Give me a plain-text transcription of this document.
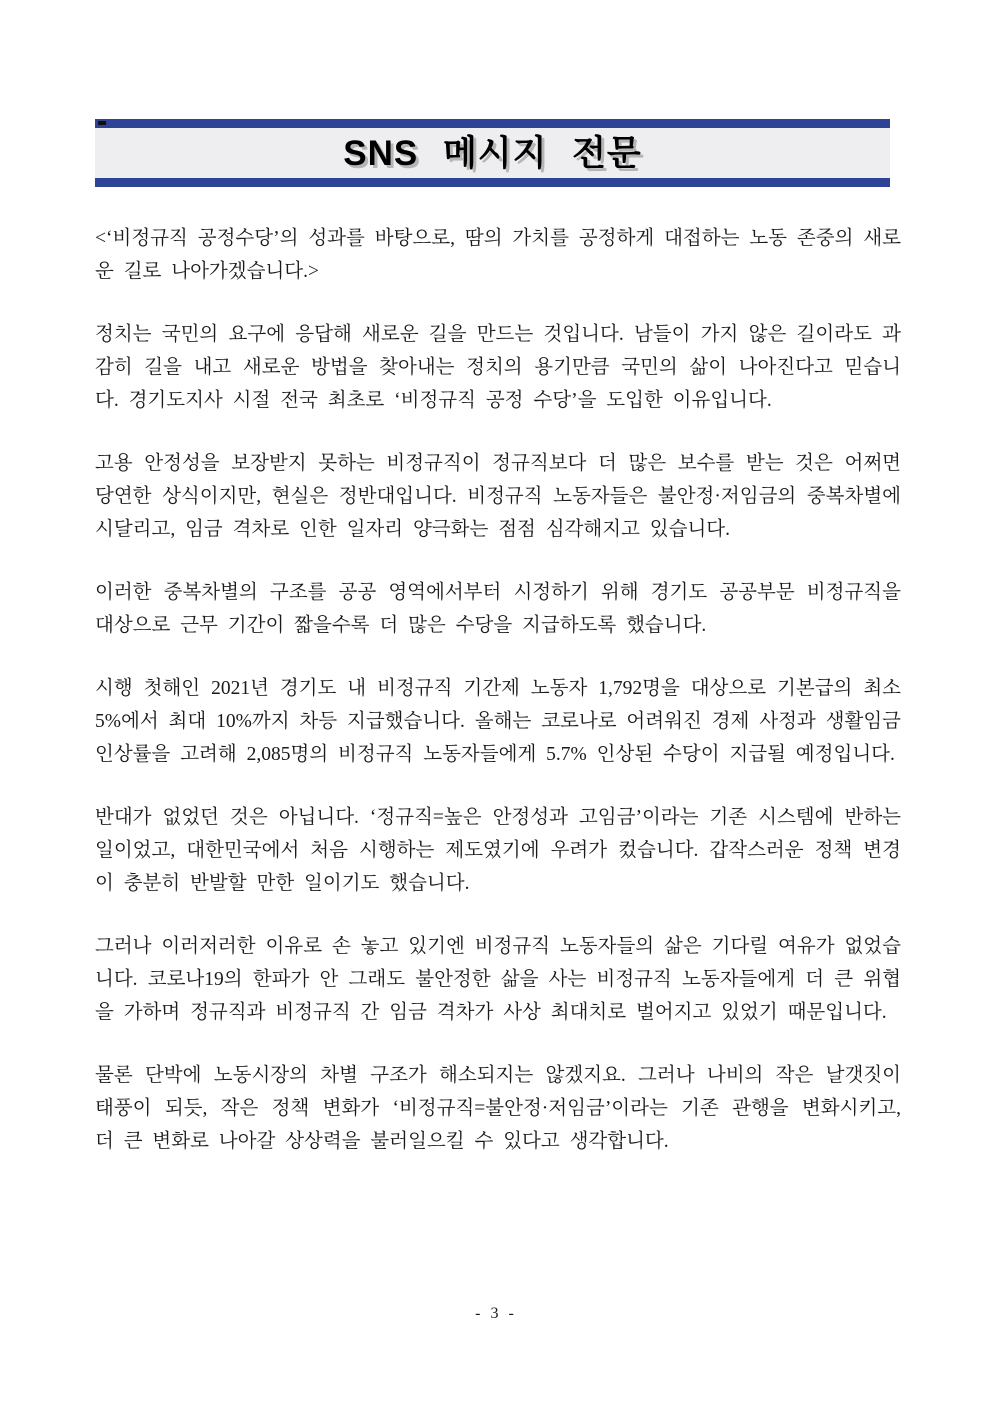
SNS 메시지 전문

<‘비정규직 공정수당’의 성과를 바탕으로, 땀의 가치를 공정하게 대접하는 노동 존중의 새로운 길로 나아가겠습니다.>

정치는 국민의 요구에 응답해 새로운 길을 만드는 것입니다. 남들이 가지 않은 길이라도 과감히 길을 내고 새로운 방법을 찾아내는 정치의 용기만큼 국민의 삶이 나아진다고 믿습니다. 경기도지사 시절 전국 최초로 ‘비정규직 공정 수당’을 도입한 이유입니다.

고용 안정성을 보장받지 못하는 비정규직이 정규직보다 더 많은 보수를 받는 것은 어쩌면 당연한 상식이지만, 현실은 정반대입니다. 비정규직 노동자들은 불안정·저임금의 중복차별에 시달리고, 임금 격차로 인한 일자리 양극화는 점점 심각해지고 있습니다.

이러한 중복차별의 구조를 공공 영역에서부터 시정하기 위해 경기도 공공부문 비정규직을 대상으로 근무 기간이 짧을수록 더 많은 수당을 지급하도록 했습니다.

시행 첫해인 2021년 경기도 내 비정규직 기간제 노동자 1,792명을 대상으로 기본급의 최소 5%에서 최대 10%까지 차등 지급했습니다. 올해는 코로나로 어려워진 경제 사정과 생활임금 인상률을 고려해 2,085명의 비정규직 노동자들에게 5.7% 인상된 수당이 지급될 예정입니다.

반대가 없었던 것은 아닙니다. ‘정규직=높은 안정성과 고임금’이라는 기존 시스템에 반하는 일이었고, 대한민국에서 처음 시행하는 제도였기에 우려가 컸습니다. 갑작스러운 정책 변경이 충분히 반발할 만한 일이기도 했습니다.

그러나 이러저러한 이유로 손 놓고 있기엔 비정규직 노동자들의 삶은 기다릴 여유가 없었습니다. 코로나19의 한파가 안 그래도 불안정한 삶을 사는 비정규직 노동자들에게 더 큰 위협을 가하며 정규직과 비정규직 간 임금 격차가 사상 최대치로 벌어지고 있었기 때문입니다.

물론 단박에 노동시장의 차별 구조가 해소되지는 않겠지요. 그러나 나비의 작은 날갯짓이 태풍이 되듯, 작은 정책 변화가 ‘비정규직=불안정·저임금’이라는 기존 관행을 변화시키고, 더 큰 변화로 나아갈 상상력을 불러일으킬 수 있다고 생각합니다.

- 3 -
